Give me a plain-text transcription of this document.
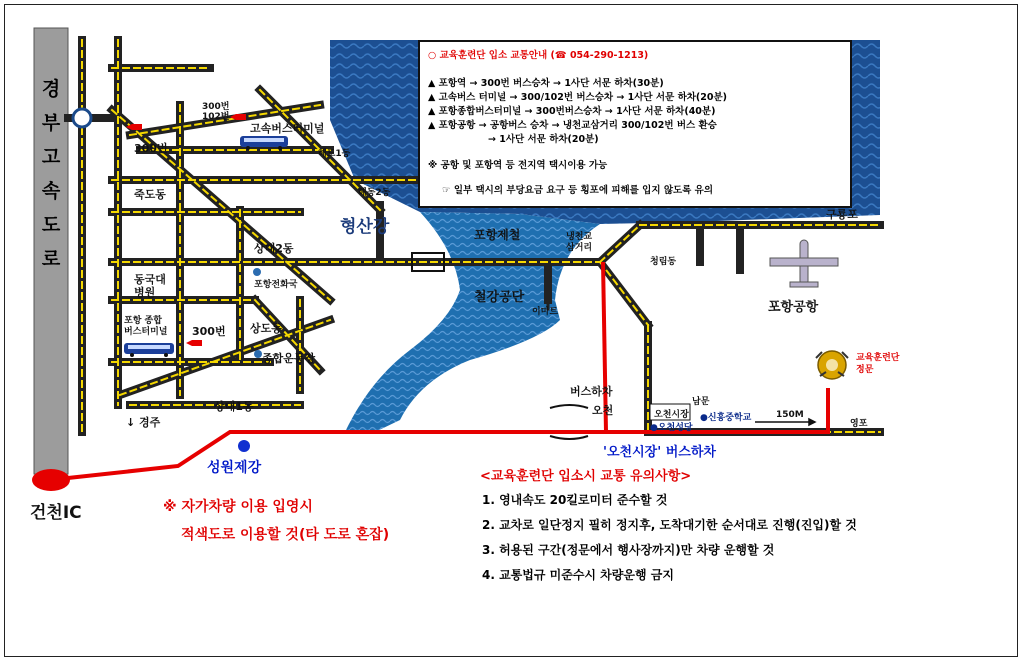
경
부
고
속
도
로
건천IC
○ 교육훈련단 입소 교통안내 (☎ 054-290-1213)
▲ 포항역 → 300번 버스승차 → 1사단 서문 하차(30분)
▲ 고속버스 터미널 → 300/102번 버스승차 → 1사단 서문 하차(20분)
▲ 포항종합버스터미널 → 300번버스승차 → 1사단 서문 하차(40분)
▲ 포항공항 → 공항버스 승차 → 냉천교삼거리 300/102번 버스 환승
→ 1사단 서문 하차(20분)
※ 공항 및 포항역 등 전지역 택시이용 가능
☞ 일부 택시의 부당요금 요구 등 횡포에 피해를 입지 않도록 유의
300번
102번
고속버스터미널
300번	해도1동
해동2동
죽도동
동국대
병원
상대2동
포항전화국
포항 종합
버스터미널 300번 상도동
종합운동장
상대1동
↓ 경주
형산강	포항제철	냉천교
삼거리
청림동
구룡포
철강공단
이마트	포항공항
교육훈련단
정문
버스하차
오천	오천시장
●오천성당
남문
●신흥중학교	150M
영포
성원제강
'오천시장' 버스하차
※ 자가차량 이용 입영시
적색도로 이용할 것(타 도로 혼잡)
<교육훈련단 입소시 교통 유의사항>
1. 영내속도 20킬로미터 준수할 것
2. 교차로 일단정지 필히 정지후, 도착대기한 순서대로 진행(진입)할 것
3. 허용된 구간(정문에서 행사장까지)만 차량 운행할 것
4. 교통법규 미준수시 차량운행 금지
